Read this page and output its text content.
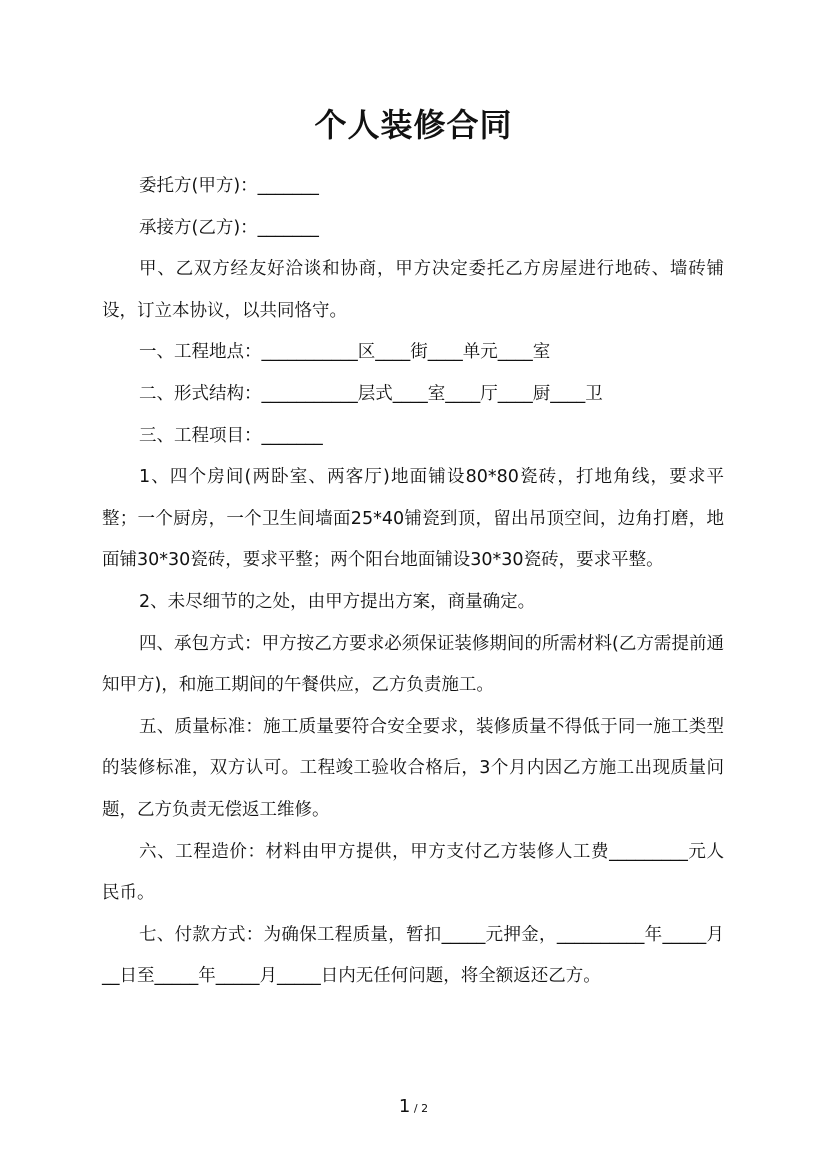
个人装修合同

委托方(甲方)：_______

承接方(乙方)：_______

甲、乙双方经友好洽谈和协商，甲方决定委托乙方房屋进行地砖、墙砖铺设，订立本协议，以共同恪守。

一、工程地点：___________区____街____单元____室

二、形式结构：___________层式____室____厅____厨____卫

三、工程项目：_______

1、四个房间(两卧室、两客厅)地面铺设80*80瓷砖，打地角线，要求平整；一个厨房，一个卫生间墙面25*40铺瓷到顶，留出吊顶空间，边角打磨，地面铺30*30瓷砖，要求平整；两个阳台地面铺设30*30瓷砖，要求平整。

2、未尽细节的之处，由甲方提出方案，商量确定。

四、承包方式：甲方按乙方要求必须保证装修期间的所需材料(乙方需提前通知甲方)，和施工期间的午餐供应，乙方负责施工。

五、质量标准：施工质量要符合安全要求，装修质量不得低于同一施工类型的装修标准，双方认可。工程竣工验收合格后，3个月内因乙方施工出现质量问题，乙方负责无偿返工维修。

六、工程造价：材料由甲方提供，甲方支付乙方装修人工费_________元人民币。

七、付款方式：为确保工程质量，暂扣_____元押金，__________年_____月__日至_____年_____月_____日内无任何问题，将全额返还乙方。

1 / 2
